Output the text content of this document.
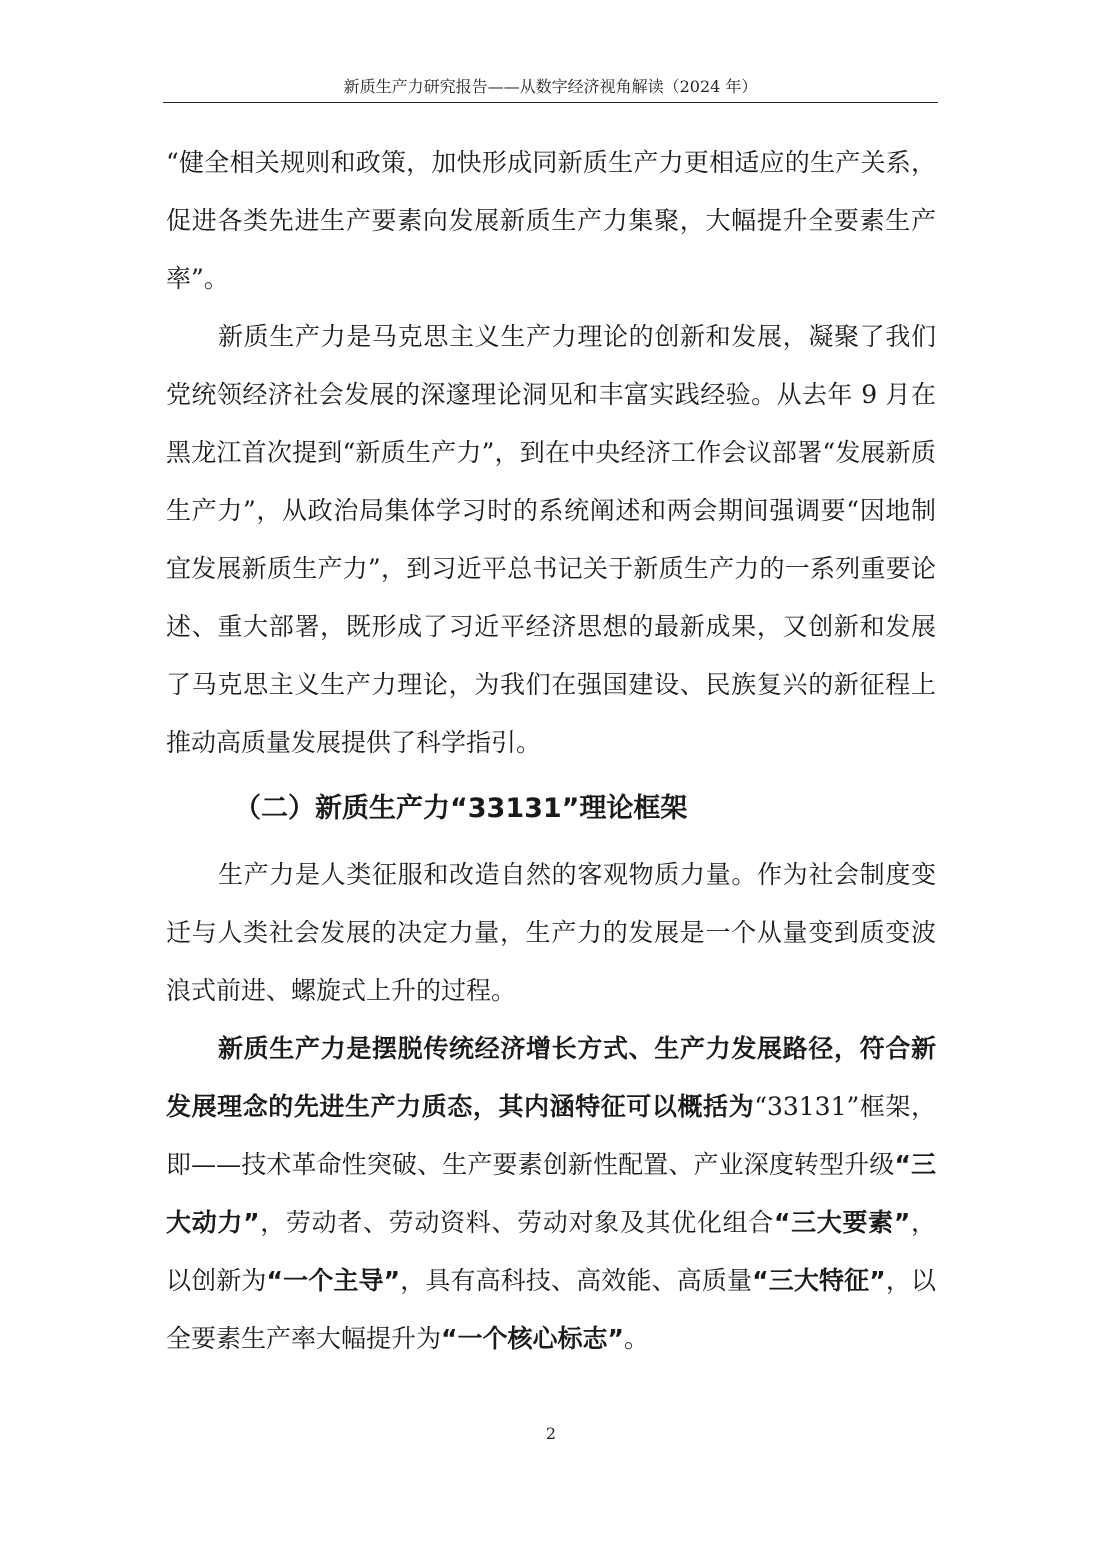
新质生产力研究报告——从数字经济视角解读（2024 年）

“健全相关规则和政策，加快形成同新质生产力更相适应的生产关系，促进各类先进生产要素向发展新质生产力集聚，大幅提升全要素生产率”。

新质生产力是马克思主义生产力理论的创新和发展，凝聚了我们党统领经济社会发展的深邃理论洞见和丰富实践经验。从去年 9 月在黑龙江首次提到“新质生产力”，到在中央经济工作会议部署“发展新质生产力”，从政治局集体学习时的系统阐述和两会期间强调要“因地制宜发展新质生产力”，到习近平总书记关于新质生产力的一系列重要论述、重大部署，既形成了习近平经济思想的最新成果，又创新和发展了马克思主义生产力理论，为我们在强国建设、民族复兴的新征程上推动高质量发展提供了科学指引。

（二）新质生产力“33131”理论框架

生产力是人类征服和改造自然的客观物质力量。作为社会制度变迁与人类社会发展的决定力量，生产力的发展是一个从量变到质变波浪式前进、螺旋式上升的过程。

新质生产力是摆脱传统经济增长方式、生产力发展路径，符合新发展理念的先进生产力质态，其内涵特征可以概括为“33131”框架，即——技术革命性突破、生产要素创新性配置、产业深度转型升级“三大动力”，劳动者、劳动资料、劳动对象及其优化组合“三大要素”，以创新为“一个主导”，具有高科技、高效能、高质量“三大特征”，以全要素生产率大幅提升为“一个核心标志”。

2
